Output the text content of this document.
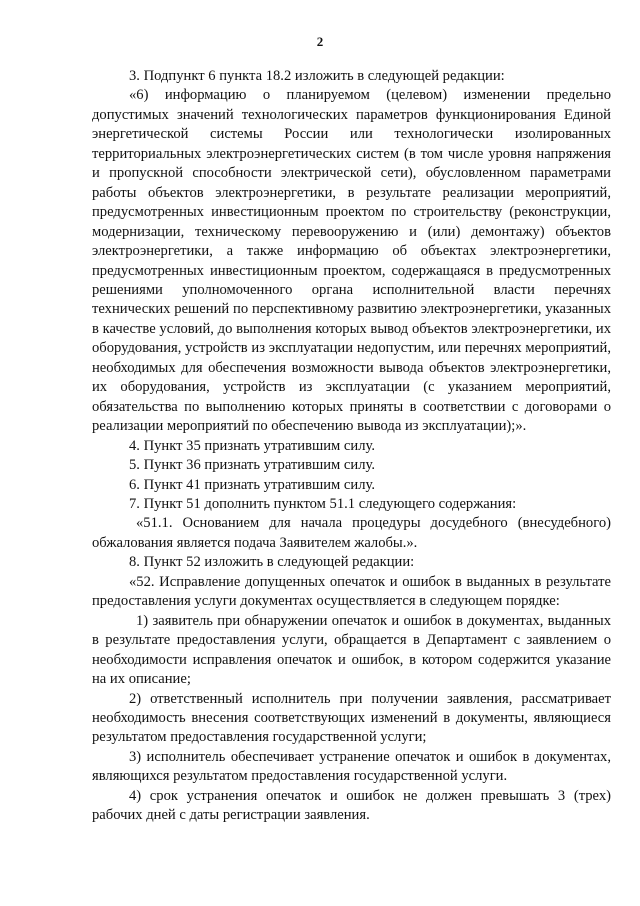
2

3. Подпункт 6 пункта 18.2 изложить в следующей редакции:

«6) информацию о планируемом (целевом) изменении предельно допустимых значений технологических параметров функционирования Единой энергетической системы России или технологически изолированных территориальных электроэнергетических систем (в том числе уровня напряжения и пропускной способности электрической сети), обусловленном параметрами работы объектов электроэнергетики, в результате реализации мероприятий, предусмотренных инвестиционным проектом по строительству (реконструкции, модернизации, техническому перевооружению и (или) демонтажу) объектов электроэнергетики, а также информацию об объектах электроэнергетики, предусмотренных инвестиционным проектом, содержащаяся в предусмотренных решениями уполномоченного органа исполнительной власти перечнях технических решений по перспективному развитию электроэнергетики, указанных в качестве условий, до выполнения которых вывод объектов электроэнергетики, их оборудования, устройств из эксплуатации недопустим, или перечнях мероприятий, необходимых для обеспечения возможности вывода объектов электроэнергетики, их оборудования, устройств из эксплуатации (с указанием мероприятий, обязательства по выполнению которых приняты в соответствии с договорами о реализации мероприятий по обеспечению вывода из эксплуатации);».

4. Пункт 35 признать утратившим силу.

5. Пункт 36 признать утратившим силу.

6. Пункт 41 признать утратившим силу.

7. Пункт 51 дополнить пунктом 51.1 следующего содержания:

«51.1. Основанием для начала процедуры досудебного (внесудебного) обжалования является подача Заявителем жалобы.».

8. Пункт 52 изложить в следующей редакции:

«52. Исправление допущенных опечаток и ошибок в выданных в результате предоставления услуги документах осуществляется в следующем порядке:

1) заявитель при обнаружении опечаток и ошибок в документах, выданных в результате предоставления услуги, обращается в Департамент с заявлением о необходимости исправления опечаток и ошибок, в котором содержится указание на их описание;

2) ответственный исполнитель при получении заявления, рассматривает необходимость внесения соответствующих изменений в документы, являющиеся результатом предоставления государственной услуги;

3) исполнитель обеспечивает устранение опечаток и ошибок в документах, являющихся результатом предоставления государственной услуги.

4) срок устранения опечаток и ошибок не должен превышать 3 (трех) рабочих дней с даты регистрации заявления.
